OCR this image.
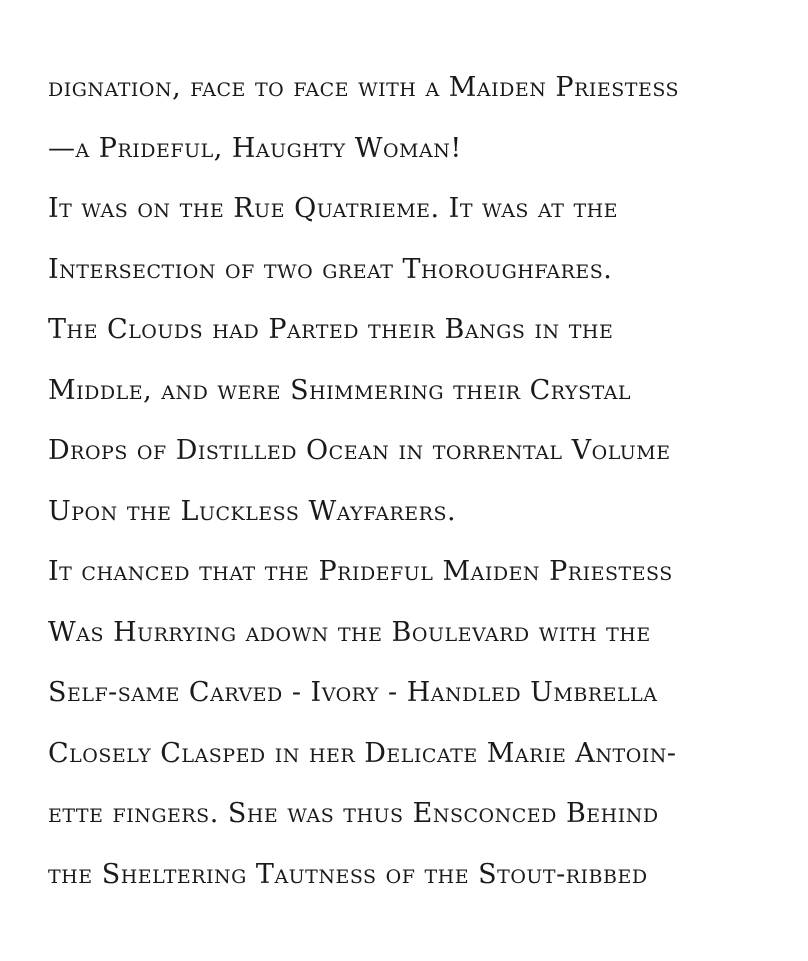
dignation, face to face with a Maiden Priestess
—a Prideful, Haughty Woman!
It was on the Rue Quatrieme. It was at the
Intersection of two great Thoroughfares.
The Clouds had Parted their Bangs in the
Middle, and were Shimmering their Crystal
Drops of Distilled Ocean in torrental Volume
Upon the Luckless Wayfarers.
It chanced that the Prideful Maiden Priestess
Was Hurrying adown the Boulevard with the
Self-same Carved - Ivory - Handled Umbrella
Closely Clasped in her Delicate Marie Antoin-
ette fingers. She was thus Ensconced Behind
the Sheltering Tautness of the Stout-ribbed
